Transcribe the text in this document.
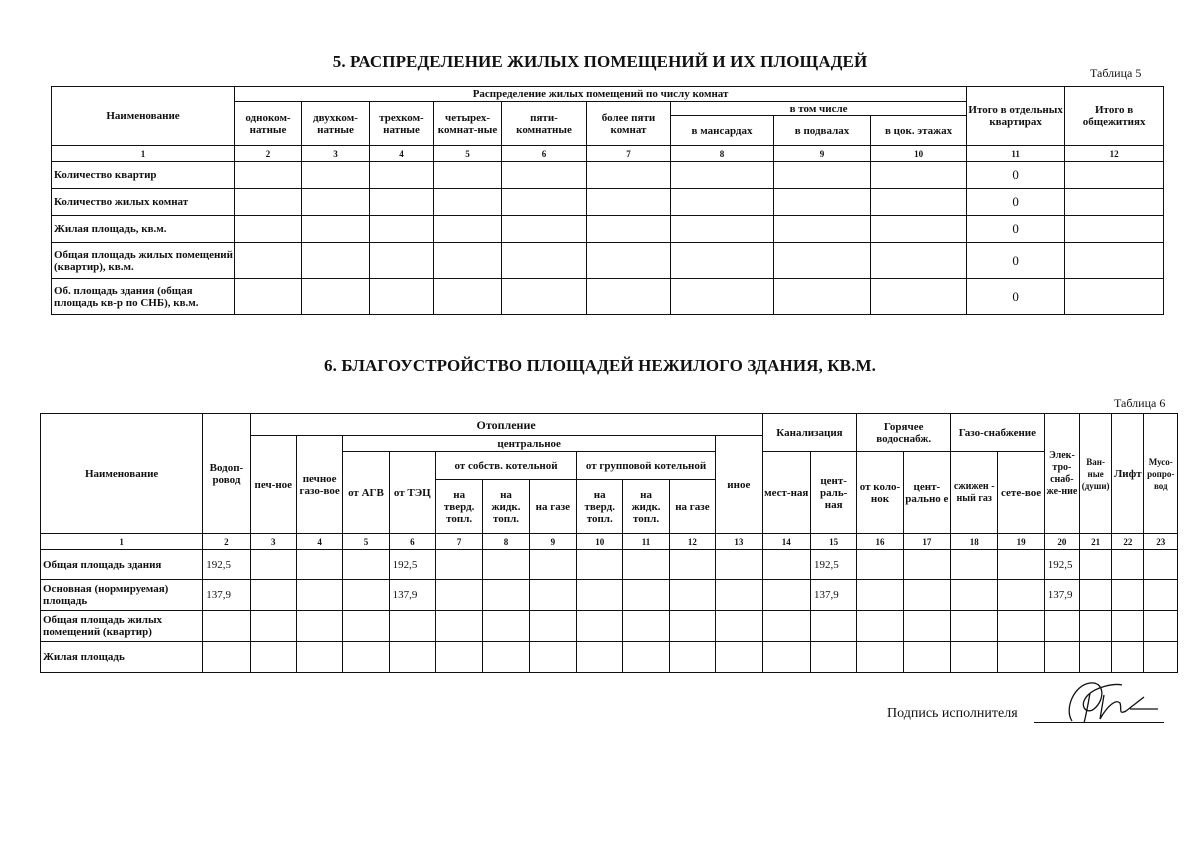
5. РАСПРЕДЕЛЕНИЕ ЖИЛЫХ ПОМЕЩЕНИЙ И ИХ ПЛОЩАДЕЙ
Таблица 5
Наименование	Распределение жилых помещений по числу комнат									Итого в отдельных квартирах	Итого в общежитиях
	одноком-натные	двухком-натные	трехком-натные	четырех-комнат-ные	пяти-комнатные	более пяти комнат	в том числе				
							в мансардах	в подвалах	в цок. этажах		
1	2	3	4	5	6	7	8	9	10	11	12
Количество квартир										0	
Количество жилых комнат										0	
Жилая площадь, кв.м.										0	
Общая площадь жилых помещений (квартир), кв.м.										0	
Об. площадь здания (общая площадь кв-р по СНБ), кв.м.										0	
6. БЛАГОУСТРОЙСТВО ПЛОЩАДЕЙ НЕЖИЛОГО ЗДАНИЯ, КВ.М.
Таблица 6
Наименование	Водоп-ровод	Отопление											Канализация		Горячее водоснабж.		Газо-снабжение		Элек-тро-снаб-же-ние	Ван-ные (души)	Лифт	Мусо-ропро-вод
		печ-ное	печное газо-вое	центральное								иное										
				от АГВ	от ТЭЦ	от собств. котельной			от групповой котельной				мест-ная	цент-раль-ная	от коло-нок	цент-рально е	сжижен - ный газ	сете-вое				
						на тверд. топл.	на жидк. топл.	на газе	на тверд. топл.	на жидк. топл.	на газе											
1	2	3	4	5	6	7	8	9	10	11	12	13	14	15	16	17	18	19	20	21	22	23
Общая площадь здания	192,5				192,5									192,5					192,5			
Основная (нормируемая) площадь	137,9				137,9									137,9					137,9			
Общая площадь жилых помещений (квартир)																						
Жилая площадь																						
Подпись исполнителя
